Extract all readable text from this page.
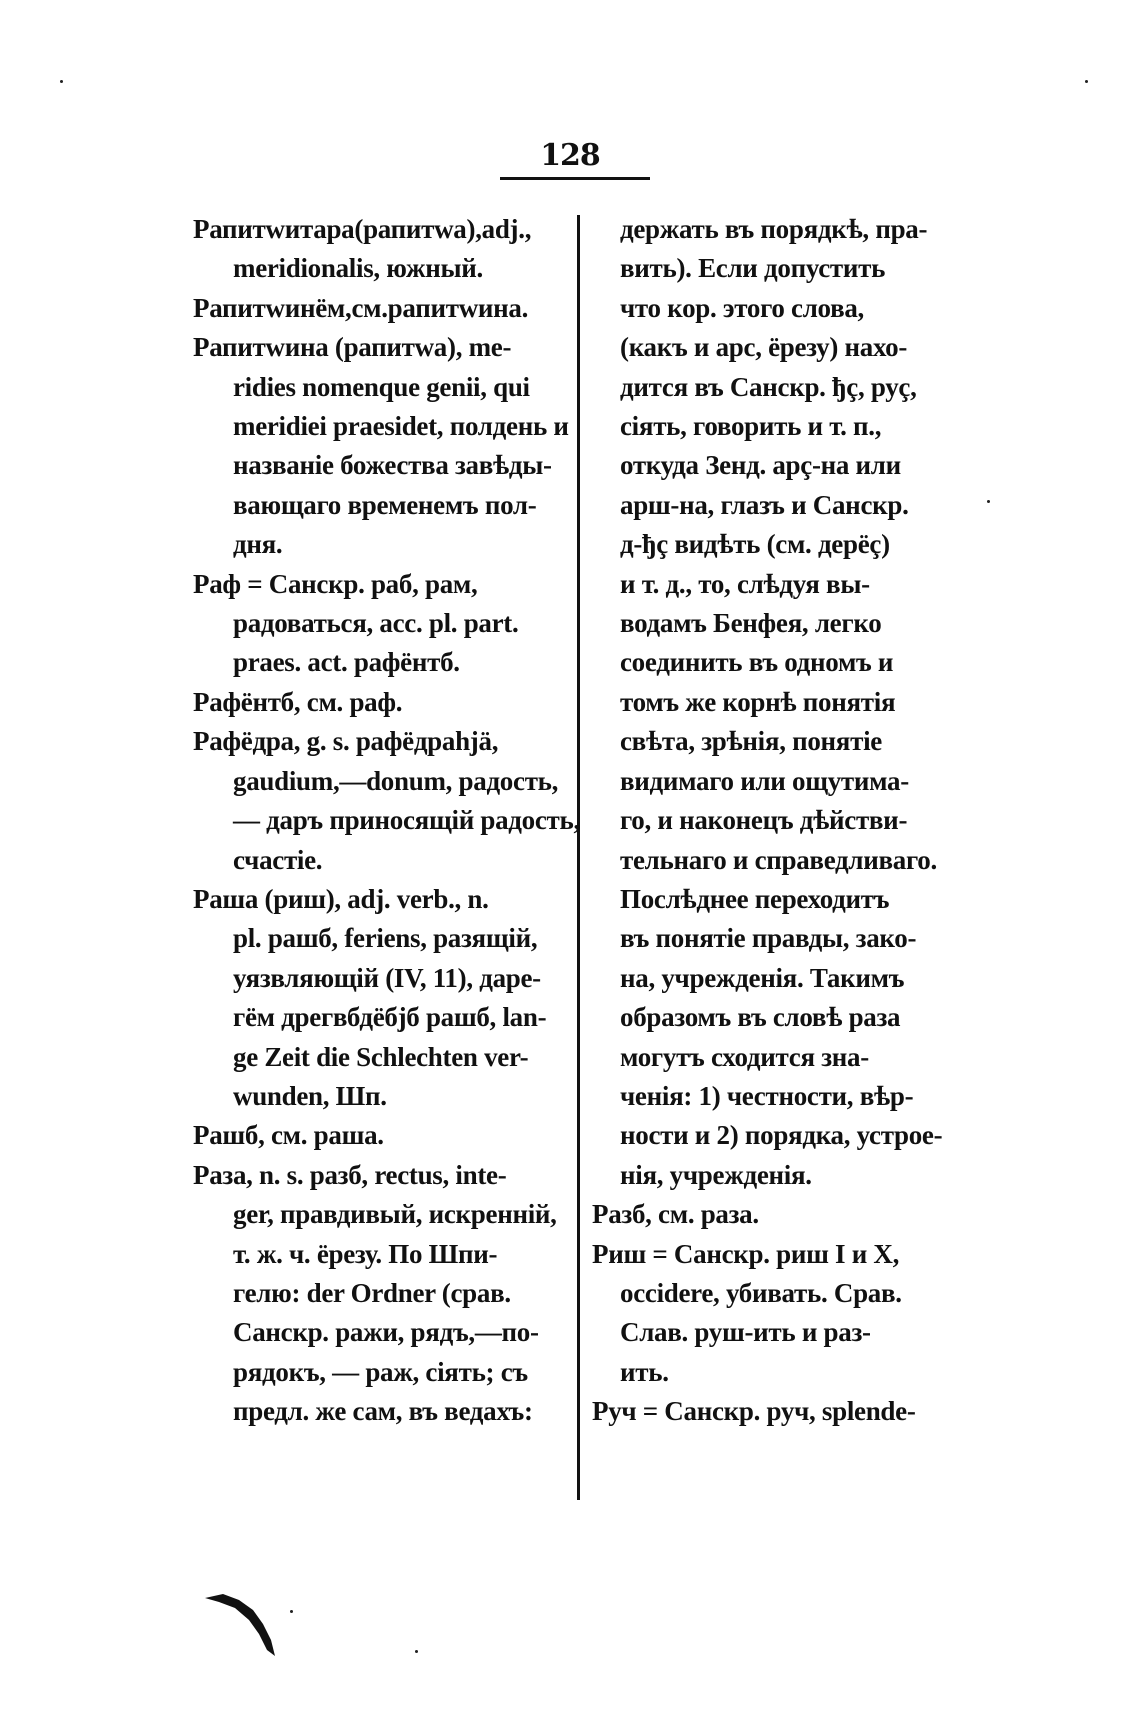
128
Рапитwитара(рапитwa),adj.,
meridionalis, южный.
Рапитwинём,см.рапитwина.
Рапитwина (рапитwa), me-
ridies nomenque genii, qui
meridiei praesidet, полдень и
названіе божества завѣды-
вающаго временемъ пол-
дня.
Раф = Санскр. раб, рам,
радоваться, acc. pl. part.
praes. act. рафёнтб.
Рафёнтб, см. раф.
Рафёдра, g. s. рафёдраhjä,
gaudium,—donum, радость,
— даръ приносящій радость,
счастіе.
Раша (риш), adj. verb., n.
pl. рашб, feriens, разящій,
уязвляющій (IV, 11), даре-
гём дрегвбдёбjб рашб, lan-
ge Zeit die Schlechten ver-
wunden, Шп.
Рашб, см. раша.
Раза, n. s. разб, rectus, inte-
ger, правдивый, искренній,
т. ж. ч. ёрезу. По Шпи-
гелю: der Ordner (срав.
Санскр. ражи, рядъ,—по-
рядокъ, — раж, сіять; съ
предл. же сам, въ ведахъ:
держать въ порядкѣ, пра-
вить). Если допустить
что кор. этого слова,
(какъ и арс, ёрезу) нахо-
дится въ Санскр. ђç, руç,
сіять, говорить и т. п.,
откуда Зенд. арç-на или
арш-на, глазъ и Санскр.
д-ђç видѣть (см. дерёç)
и т. д., то, слѣдуя вы-
водамъ Бенфея, легко
соединить въ одномъ и
томъ же корнѣ понятія
свѣта, зрѣнія, понятіе
видимаго или ощутима-
го, и наконецъ дѣйстви-
тельнаго и справедливаго.
Послѣднее переходитъ
въ понятіе правды, зако-
на, учрежденія. Такимъ
образомъ въ словѣ раза
могутъ сходится зна-
ченія: 1) честности, вѣр-
ности и 2) порядка, устрое-
нія, учрежденія.
Разб, см. раза.
Риш = Санскр. риш I и X,
occidere, убивать. Срав.
Слав. руш-ить и раз-
ить.
Руч = Санскр. руч, splende-
